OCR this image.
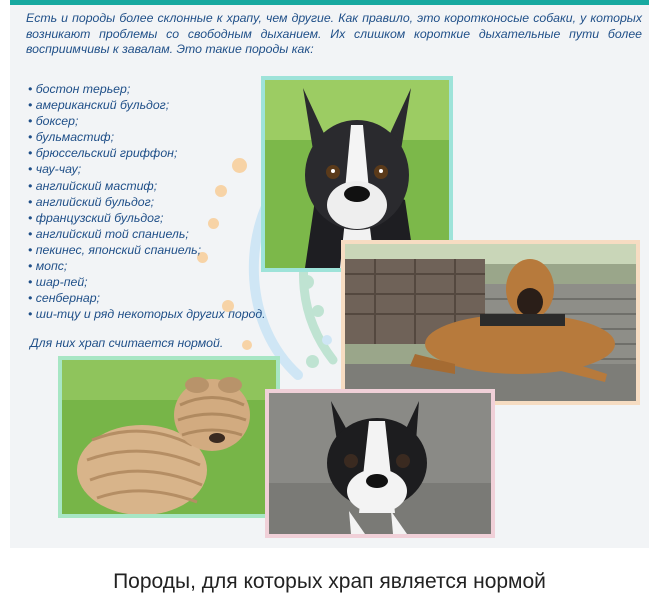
Есть и породы более склонные к храпу, чем другие. Как правило, это коротконосые собаки, у которых возникают проблемы со свободным дыханием. Их слишком короткие дыхательные пути более восприимчивы к завалам. Это такие породы как:

• бостон терьер;
• американский бульдог;
• боксер;
• бульмастиф;
• брюссельский гриффон;
• чау-чау;
• английский мастиф;
• английский бульдог;
• французский бульдог;
• английский той спаниель;
• пекинес, японский спаниель;
• мопс;
• шар-пей;
• сенбернар;
• ши-тцу и ряд некоторых других пород.

Для них храп считается нормой.

Породы, для которых храп является нормой
